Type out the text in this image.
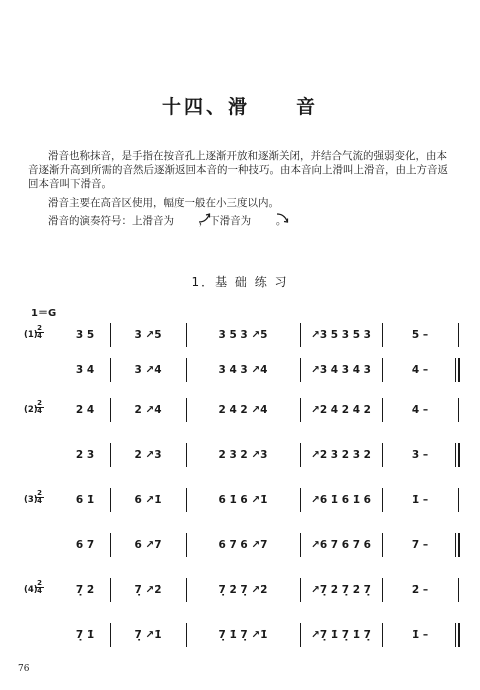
十四、滑 音
滑音也称抹音，是手指在按音孔上逐渐开放和逐渐关闭，并结合气流的强弱变化，由本音逐渐升高到所需的音然后逐渐返回本音的一种技巧。由本音向上滑叫上滑音，由上方音返回本音叫下滑音。
滑音主要在高音区使用，幅度一般在小三度以内。
滑音的演奏符号：上滑音为 ，下滑音为 。
1．基 础 练 习
1＝G
(1)
2
4	3 5	3 ↗5	3 5 3 ↗5	↗3 5 3 5 3	5 –
3 4	3 ↗4	3 4 3 ↗4	↗3 4 3 4 3	4 –
(2)
2
4	2 4	2 ↗4	2 4 2 ↗4	↗2 4 2 4 2	4 –
2 3	2 ↗3	2 3 2 ↗3	↗2 3 2 3 2	3 –
(3)
2
4	6 1̇	6 ↗1̇	6 1̇ 6 ↗1̇	↗6 1̇ 6 1̇ 6	1̇ –
6 7	6 ↗7	6 7 6 ↗7	↗6 7 6 7 6	7 –
(4)
2
4	7̣ 2̇	7̣ ↗2̇	7̣ 2̇ 7̣ ↗2̇	↗7̣ 2̇ 7̣ 2̇ 7̣	2̇ –
7̣ 1̇	7̣ ↗1̇	7̣ 1̇ 7̣ ↗1̇	↗7̣ 1̇ 7̣ 1̇ 7̣	1̇ –
76
